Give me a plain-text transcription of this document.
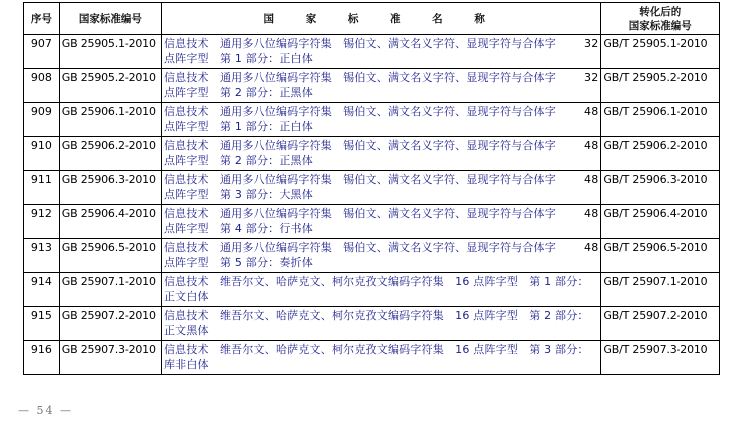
序号	国家标准编号	国 家 标 准 名 称	转化后的
国家标准编号

907	GB 25905.1-2010	信息技术　通用多八位编码字符集　锡伯文、满文名义字符、显现字符与合体字 32
点阵字型　第 1 部分：正白体	GB/T 25905.1-2010
908	GB 25905.2-2010	信息技术　通用多八位编码字符集　锡伯文、满文名义字符、显现字符与合体字 32
点阵字型　第 2 部分：正黑体	GB/T 25905.2-2010
909	GB 25906.1-2010	信息技术　通用多八位编码字符集　锡伯文、满文名义字符、显现字符与合体字 48
点阵字型　第 1 部分：正白体	GB/T 25906.1-2010
910	GB 25906.2-2010	信息技术　通用多八位编码字符集　锡伯文、满文名义字符、显现字符与合体字 48
点阵字型　第 2 部分：正黑体	GB/T 25906.2-2010
911	GB 25906.3-2010	信息技术　通用多八位编码字符集　锡伯文、满文名义字符、显现字符与合体字 48
点阵字型　第 3 部分：大黑体	GB/T 25906.3-2010
912	GB 25906.4-2010	信息技术　通用多八位编码字符集　锡伯文、满文名义字符、显现字符与合体字 48
点阵字型　第 4 部分：行书体	GB/T 25906.4-2010
913	GB 25906.5-2010	信息技术　通用多八位编码字符集　锡伯文、满文名义字符、显现字符与合体字 48
点阵字型　第 5 部分：奏折体	GB/T 25906.5-2010
914	GB 25907.1-2010	信息技术　维吾尔文、哈萨克文、柯尔克孜文编码字符集　16 点阵字型　第 1 部分：
正文白体	GB/T 25907.1-2010
915	GB 25907.2-2010	信息技术　维吾尔文、哈萨克文、柯尔克孜文编码字符集　16 点阵字型　第 2 部分：
正文黑体	GB/T 25907.2-2010
916	GB 25907.3-2010	信息技术　维吾尔文、哈萨克文、柯尔克孜文编码字符集　16 点阵字型　第 3 部分：
库非白体	GB/T 25907.3-2010
— 54 —
